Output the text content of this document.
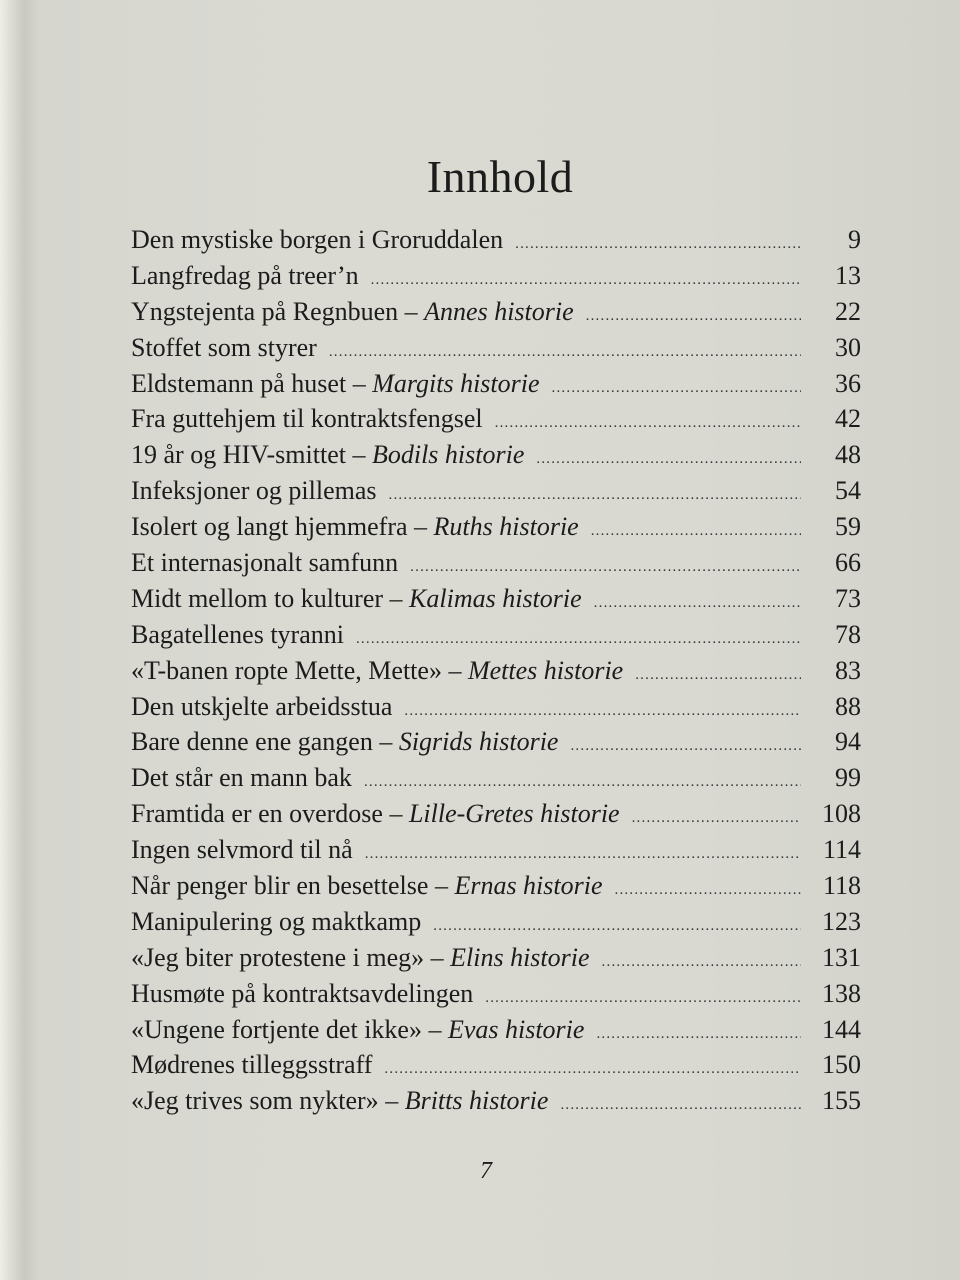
Innhold
Den mystiske borgen i Groruddalen .....	9
Langfredag på treer’n .....	13
Yngstejenta på Regnbuen – Annes historie .....	22
Stoffet som styrer .....	30
Eldstemann på huset – Margits historie .....	36
Fra guttehjem til kontraktsfengsel .....	42
19 år og HIV-smittet – Bodils historie .....	48
Infeksjoner og pillemas .....	54
Isolert og langt hjemmefra – Ruths historie .....	59
Et internasjonalt samfunn .....	66
Midt mellom to kulturer – Kalimas historie .....	73
Bagatellenes tyranni .....	78
«T-banen ropte Mette, Mette» – Mettes historie .....	83
Den utskjelte arbeidsstua .....	88
Bare denne ene gangen – Sigrids historie .....	94
Det står en mann bak .....	99
Framtida er en overdose – Lille-Gretes historie .....	108
Ingen selvmord til nå .....	114
Når penger blir en besettelse – Ernas historie .....	118
Manipulering og maktkamp .....	123
«Jeg biter protestene i meg» – Elins historie .....	131
Husmøte på kontraktsavdelingen .....	138
«Ungene fortjente det ikke» – Evas historie .....	144
Mødrenes tilleggsstraff .....	150
«Jeg trives som nykter» – Britts historie .....	155
7
